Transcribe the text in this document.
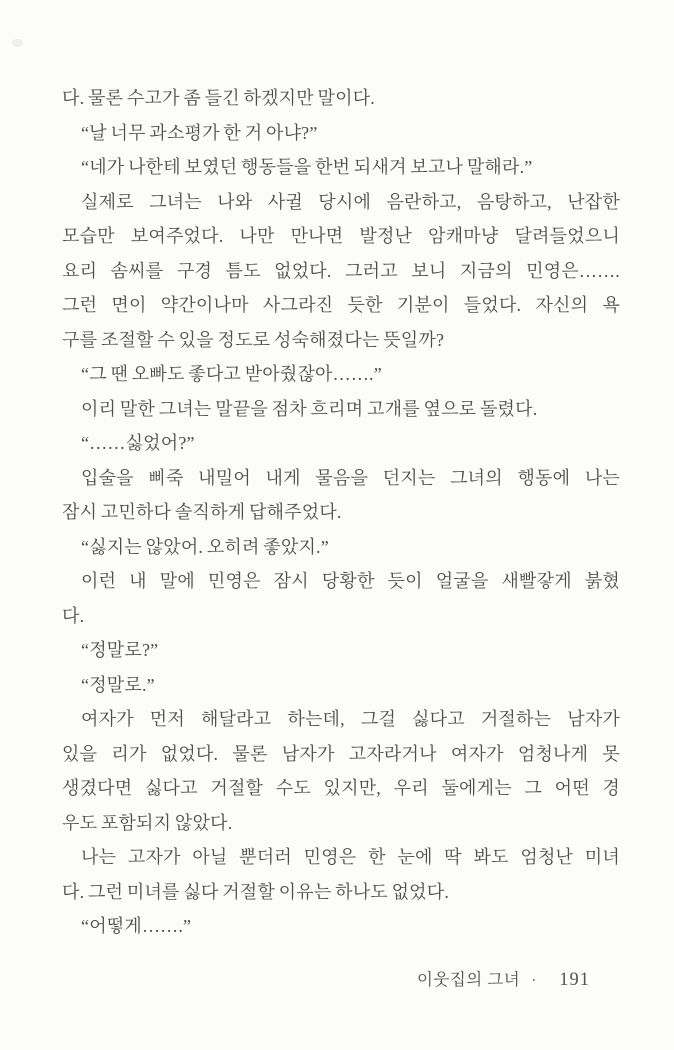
다. 물론 수고가 좀 들긴 하겠지만 말이다.
“날 너무 과소평가 한 거 아냐?”
“네가 나한테 보였던 행동들을 한번 되새겨 보고나 말해라.”
실제로 그녀는 나와 사귈 당시에 음란하고, 음탕하고, 난잡한
모습만 보여주었다. 나만 만나면 발정난 암캐마냥 달려들었으니
요리 솜씨를 구경 틈도 없었다. 그러고 보니 지금의 민영은…….
그런 면이 약간이나마 사그라진 듯한 기분이 들었다. 자신의 욕
구를 조절할 수 있을 정도로 성숙해졌다는 뜻일까?
“그 땐 오빠도 좋다고 받아줬잖아…….”
이리 말한 그녀는 말끝을 점차 흐리며 고개를 옆으로 돌렸다.
“……싫었어?”
입술을 삐죽 내밀어 내게 물음을 던지는 그녀의 행동에 나는
잠시 고민하다 솔직하게 답해주었다.
“싫지는 않았어. 오히려 좋았지.”
이런 내 말에 민영은 잠시 당황한 듯이 얼굴을 새빨갛게 붉혔
다.
“정말로?”
“정말로.”
여자가 먼저 해달라고 하는데, 그걸 싫다고 거절하는 남자가
있을 리가 없었다. 물론 남자가 고자라거나 여자가 엄청나게 못
생겼다면 싫다고 거절할 수도 있지만, 우리 둘에게는 그 어떤 경
우도 포함되지 않았다.
나는 고자가 아닐 뿐더러 민영은 한 눈에 딱 봐도 엄청난 미녀
다. 그런 미녀를 싫다 거절할 이유는 하나도 없었다.
“어떻게…….”
이웃집의 그녀 · 191
